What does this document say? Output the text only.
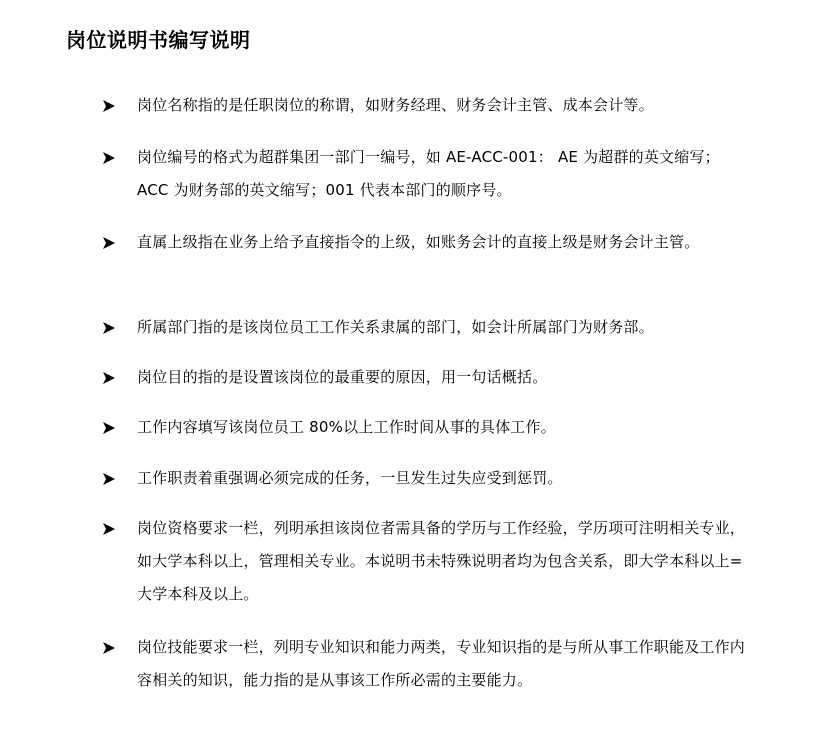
岗位说明书编写说明
岗位名称指的是任职岗位的称谓，如财务经理、财务会计主管、成本会计等。
岗位编号的格式为超群集团一部门一编号，如 AE-ACC-001： AE 为超群的英文缩写；ACC 为财务部的英文缩写；001 代表本部门的顺序号。
直属上级指在业务上给予直接指令的上级，如账务会计的直接上级是财务会计主管。
所属部门指的是该岗位员工工作关系隶属的部门，如会计所属部门为财务部。
岗位目的指的是设置该岗位的最重要的原因，用一句话概括。
工作内容填写该岗位员工 80%以上工作时间从事的具体工作。
工作职责着重强调必须完成的任务，一旦发生过失应受到惩罚。
岗位资格要求一栏，列明承担该岗位者需具备的学历与工作经验，学历项可注明相关专业，如大学本科以上，管理相关专业。本说明书未特殊说明者均为包含关系，即大学本科以上=大学本科及以上。
岗位技能要求一栏，列明专业知识和能力两类，专业知识指的是与所从事工作职能及工作内容相关的知识，能力指的是从事该工作所必需的主要能力。
